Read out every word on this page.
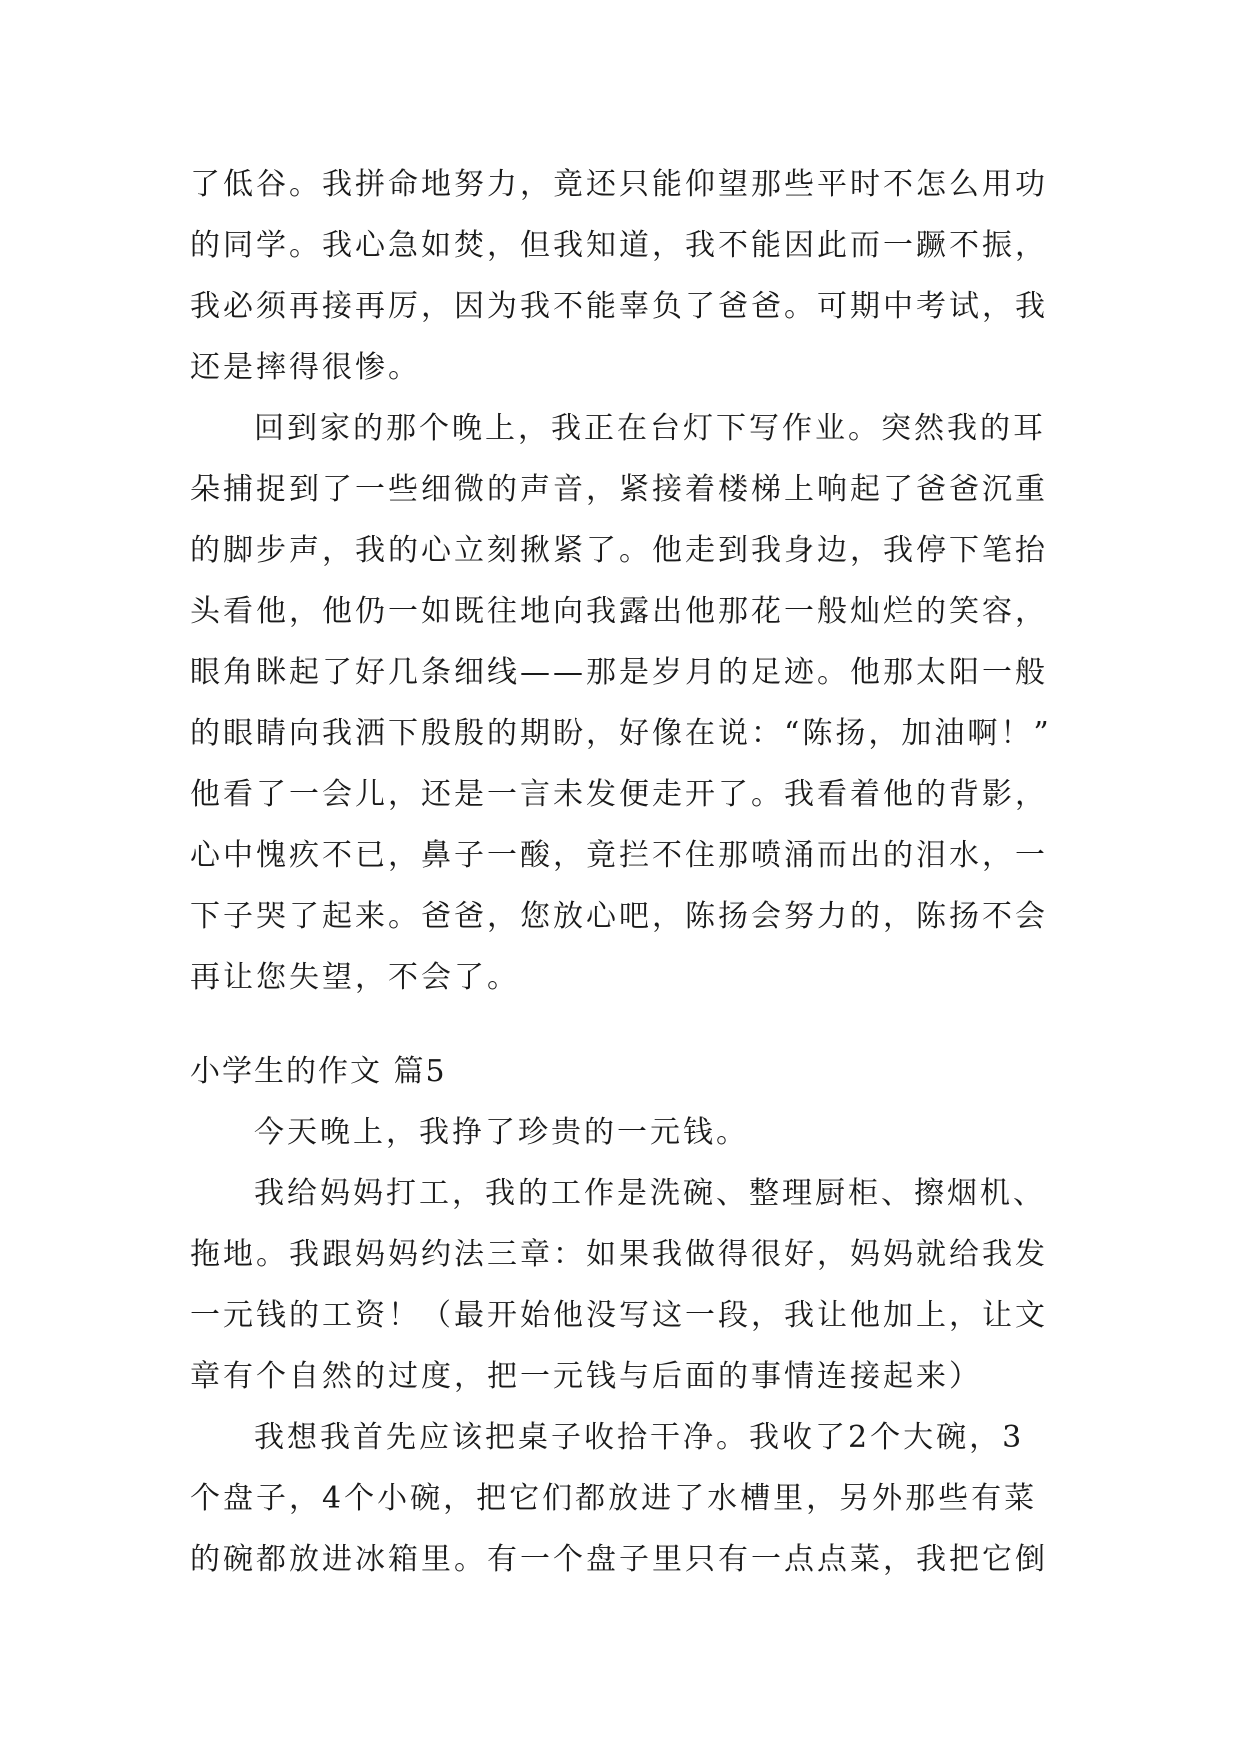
了低谷。我拼命地努力，竟还只能仰望那些平时不怎么用功
的同学。我心急如焚，但我知道，我不能因此而一蹶不振，
我必须再接再厉，因为我不能辜负了爸爸。可期中考试，我
还是摔得很惨。
回到家的那个晚上，我正在台灯下写作业。突然我的耳
朵捕捉到了一些细微的声音，紧接着楼梯上响起了爸爸沉重
的脚步声，我的心立刻揪紧了。他走到我身边，我停下笔抬
头看他，他仍一如既往地向我露出他那花一般灿烂的笑容，
眼角眯起了好几条细线——那是岁月的足迹。他那太阳一般
的眼睛向我洒下殷殷的期盼，好像在说：“陈扬，加油啊！”
他看了一会儿，还是一言未发便走开了。我看着他的背影，
心中愧疚不已，鼻子一酸，竟拦不住那喷涌而出的泪水，一
下子哭了起来。爸爸，您放心吧，陈扬会努力的，陈扬不会
再让您失望，不会了。
小学生的作文 篇5
今天晚上，我挣了珍贵的一元钱。
我给妈妈打工，我的工作是洗碗、整理厨柜、擦烟机、
拖地。我跟妈妈约法三章：如果我做得很好，妈妈就给我发
一元钱的工资！（最开始他没写这一段，我让他加上，让文
章有个自然的过度，把一元钱与后面的事情连接起来）
我想我首先应该把桌子收拾干净。我收了2个大碗，3
个盘子，4个小碗，把它们都放进了水槽里，另外那些有菜
的碗都放进冰箱里。有一个盘子里只有一点点菜，我把它倒
